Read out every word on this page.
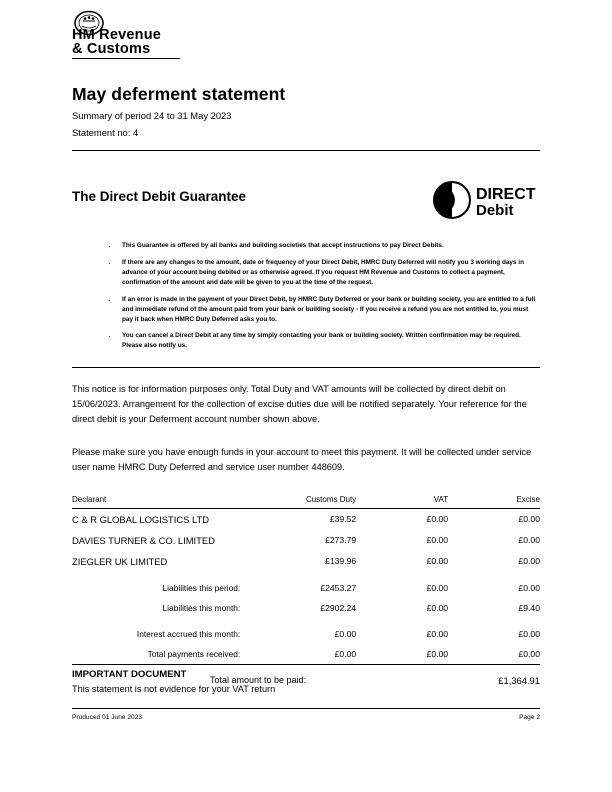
HM Revenue
& Customs
May deferment statement
Summary of period 24 to 31 May 2023
Statement no: 4
The Direct Debit Guarantee	DIRECT
Debit
• This Guarantee is offered by all banks and building societies that accept instructions to pay Direct Debits.
• If there are any changes to the amount, date or frequency of your Direct Debit, HMRC Duty Deferred will notify you 3 working days in advance of your account being debited or as otherwise agreed. If you request HM Revenue and Customs to collect a payment, confirmation of the amount and date will be given to you at the time of the request.
• If an error is made in the payment of your Direct Debit, by HMRC Duty Deferred or your bank or building society, you are entitled to a full and immediate refund of the amount paid from your bank or building society - If you receive a refund you are not entitled to, you must pay it back when HMRC Duty Deferred asks you to.
• You can cancel a Direct Debit at any time by simply contacting your bank or building society. Written confirmation may be required. Please also notify us.
This notice is for information purposes only. Total Duty and VAT amounts will be collected by direct debit on 15/06/2023. Arrangement for the collection of excise duties due will be notified separately. Your reference for the direct debit is your Deferment account number shown above.
Please make sure you have enough funds in your account to meet this payment. It will be collected under service user name HMRC Duty Deferred and service user number 448609.
Declarant	Customs Duty	VAT	Excise
C & R GLOBAL LOGISTICS LTD	£39.52	£0.00	£0.00
DAVIES TURNER & CO. LIMITED	£273.79	£0.00	£0.00
ZIEGLER UK LIMITED	£139.96	£0.00	£0.00

Liabilities this period:	£2453.27	£0.00	£0.00
Liabilities this month:	£2902.24	£0.00	£9.40

Interest accrued this month:	£0.00	£0.00	£0.00
Total payments received:	£0.00	£0.00	£0.00

IMPORTANT DOCUMENT
This statement is not evidence for your VAT return
Total amount to be paid:	£1,364.91
Produced 01 June 2023	Page 2
